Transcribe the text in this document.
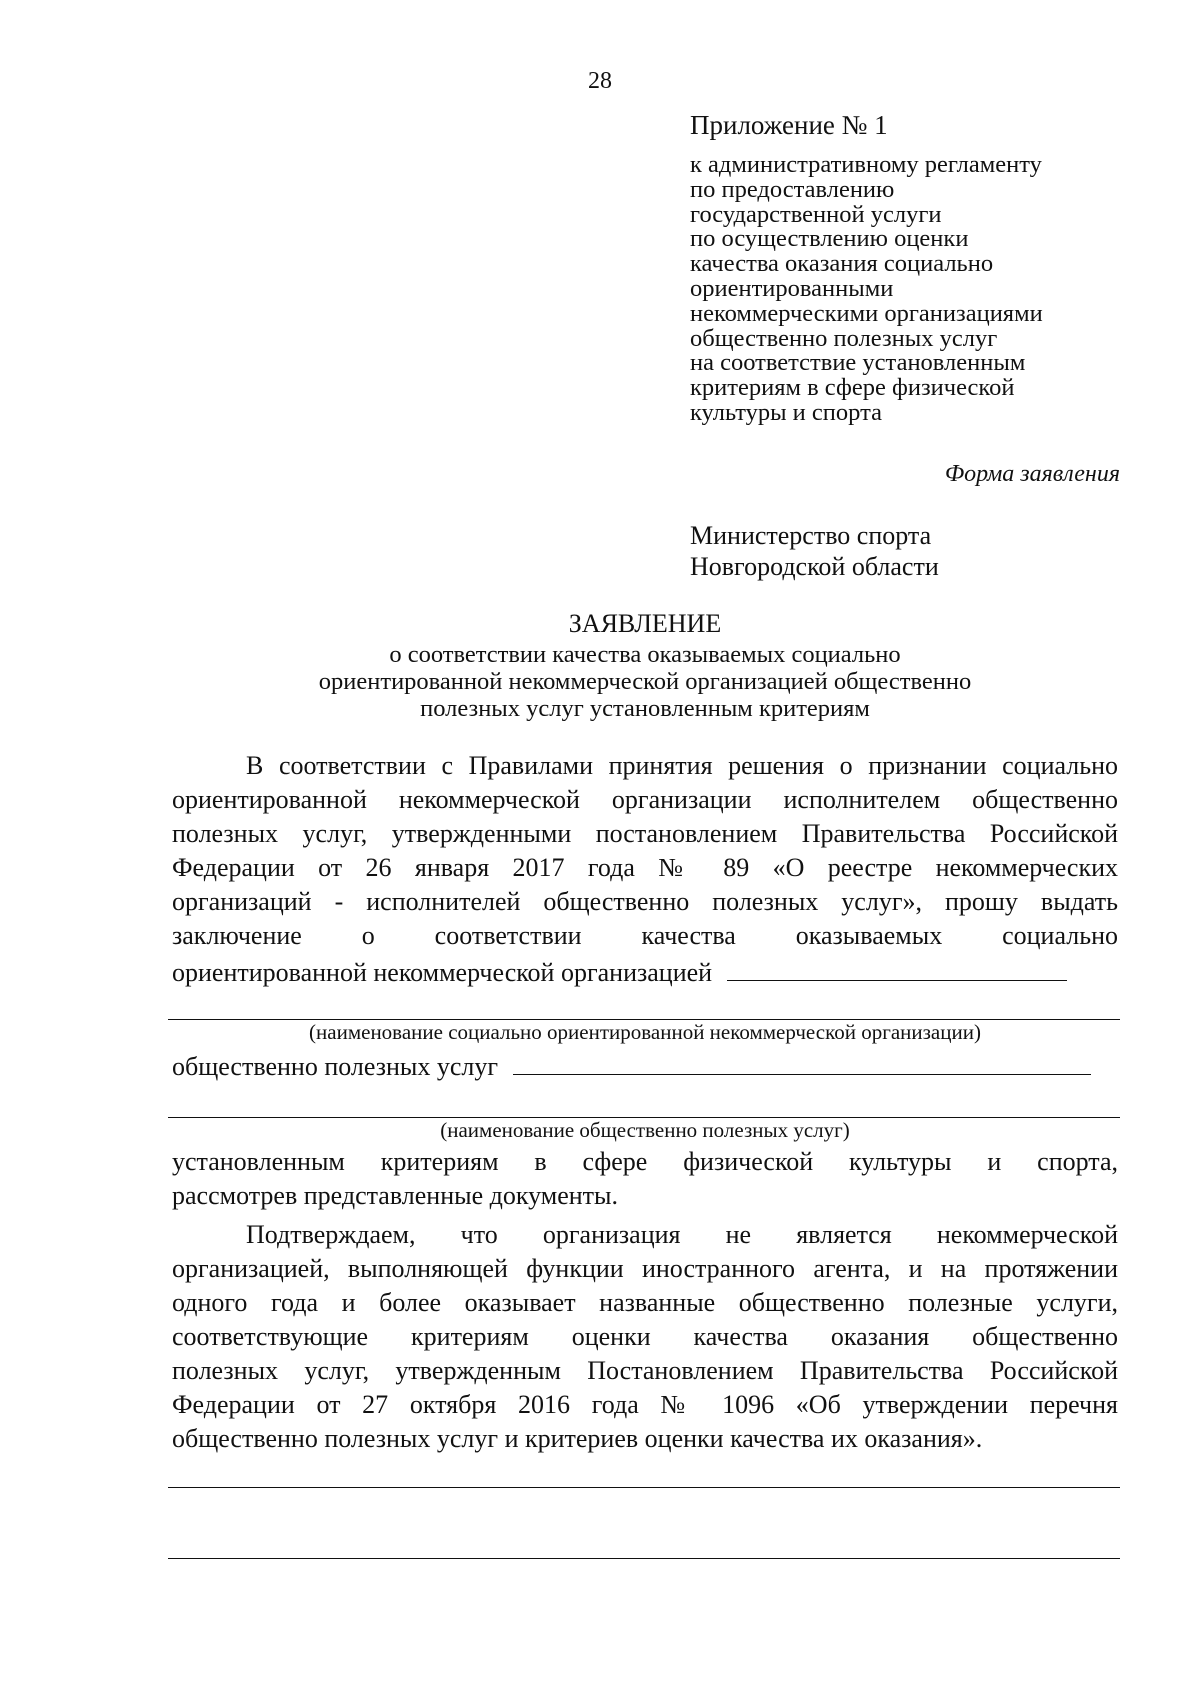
28
Приложение № 1
к административному регламенту
по предоставлению
государственной услуги
по осуществлению оценки
качества оказания социально
ориентированными
некоммерческими организациями
общественно полезных услуг
на соответствие установленным
критериям в сфере физической
культуры и спорта
Форма заявления
Министерство спорта
Новгородской области
ЗАЯВЛЕНИЕ
о соответствии качества оказываемых социально
ориентированной некоммерческой организацией общественно
полезных услуг установленным критериям
В соответствии с Правилами принятия решения о признании социально
ориентированной некоммерческой организации исполнителем общественно
полезных услуг, утвержденными постановлением Правительства Российской
Федерации от 26 января 2017 года № 89 «О реестре некоммерческих
организаций - исполнителей общественно полезных услуг», прошу выдать
заключение о соответствии качества оказываемых социально
ориентированной некоммерческой организацией
(наименование социально ориентированной некоммерческой организации)
общественно полезных услуг
(наименование общественно полезных услуг)
установленным критериям в сфере физической культуры и спорта,
рассмотрев представленные документы.
Подтверждаем, что организация не является некоммерческой
организацией, выполняющей функции иностранного агента, и на протяжении
одного года и более оказывает названные общественно полезные услуги,
соответствующие критериям оценки качества оказания общественно
полезных услуг, утвержденным Постановлением Правительства Российской
Федерации от 27 октября 2016 года № 1096 «Об утверждении перечня
общественно полезных услуг и критериев оценки качества их оказания».
